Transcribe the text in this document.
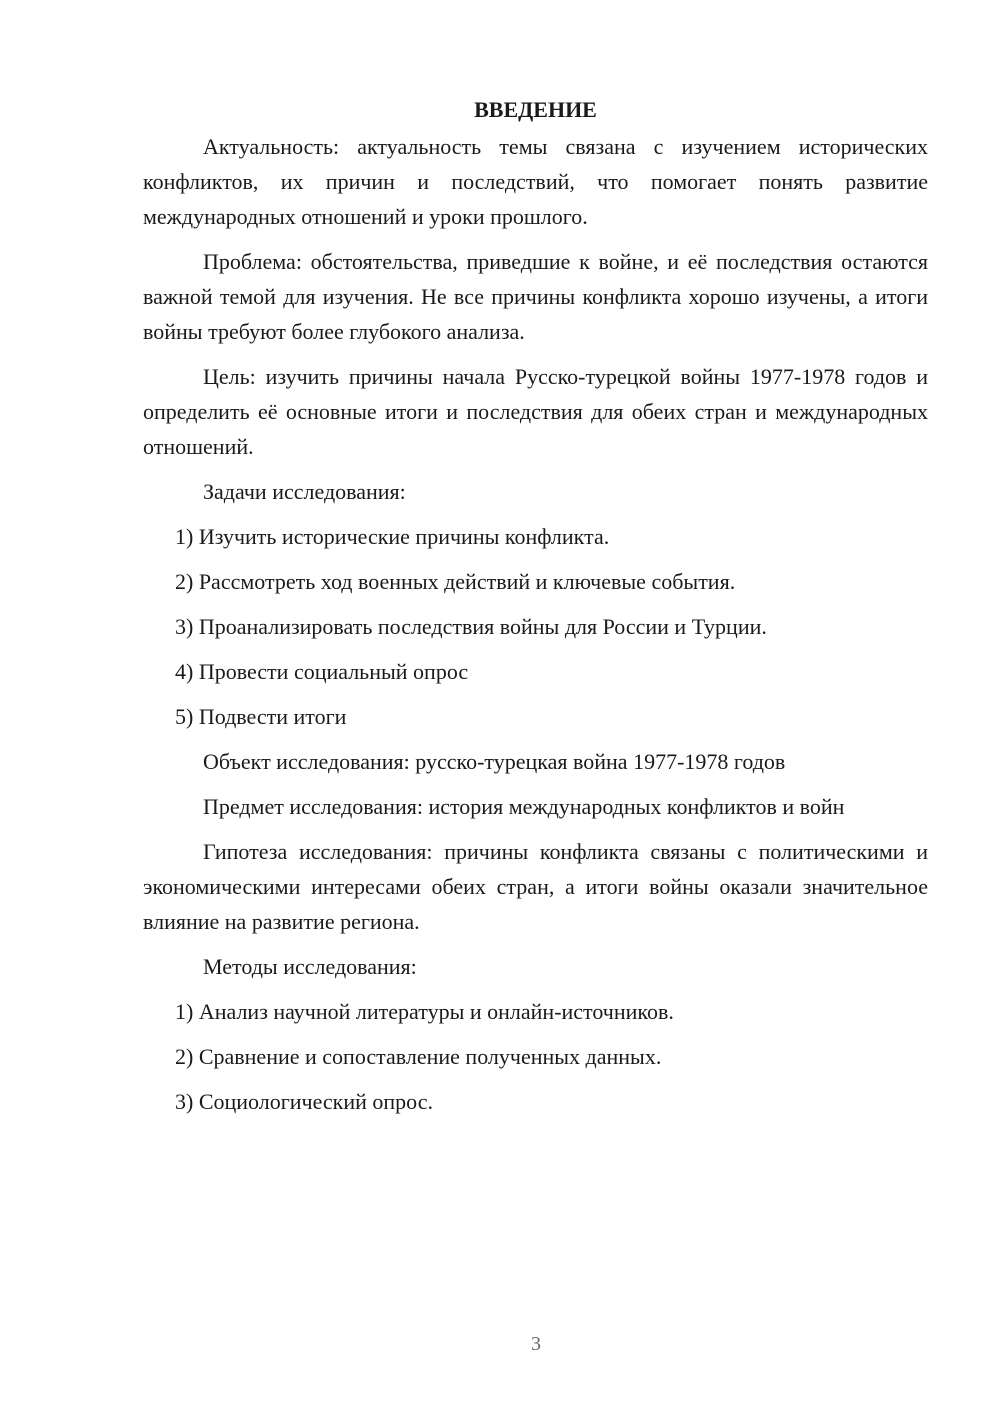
ВВЕДЕНИЕ

Актуальность: актуальность темы связана с изучением исторических конфликтов, их причин и последствий, что помогает понять развитие международных отношений и уроки прошлого.

Проблема: обстоятельства, приведшие к войне, и её последствия остаются важной темой для изучения. Не все причины конфликта хорошо изучены, а итоги войны требуют более глубокого анализа.

Цель: изучить причины начала Русско-турецкой войны 1977-1978 годов и определить её основные итоги и последствия для обеих стран и международных отношений.

Задачи исследования:

1) Изучить исторические причины конфликта.
2) Рассмотреть ход военных действий и ключевые события.
3) Проанализировать последствия войны для России и Турции.
4) Провести социальный опрос
5) Подвести итоги

Объект исследования: русско-турецкая война 1977-1978 годов

Предмет исследования: история международных конфликтов и войн

Гипотеза исследования: причины конфликта связаны с политическими и экономическими интересами обеих стран, а итоги войны оказали значительное влияние на развитие региона.

Методы исследования:

1) Анализ научной литературы и онлайн-источников.
2) Сравнение и сопоставление полученных данных.
3) Социологический опрос.
3
